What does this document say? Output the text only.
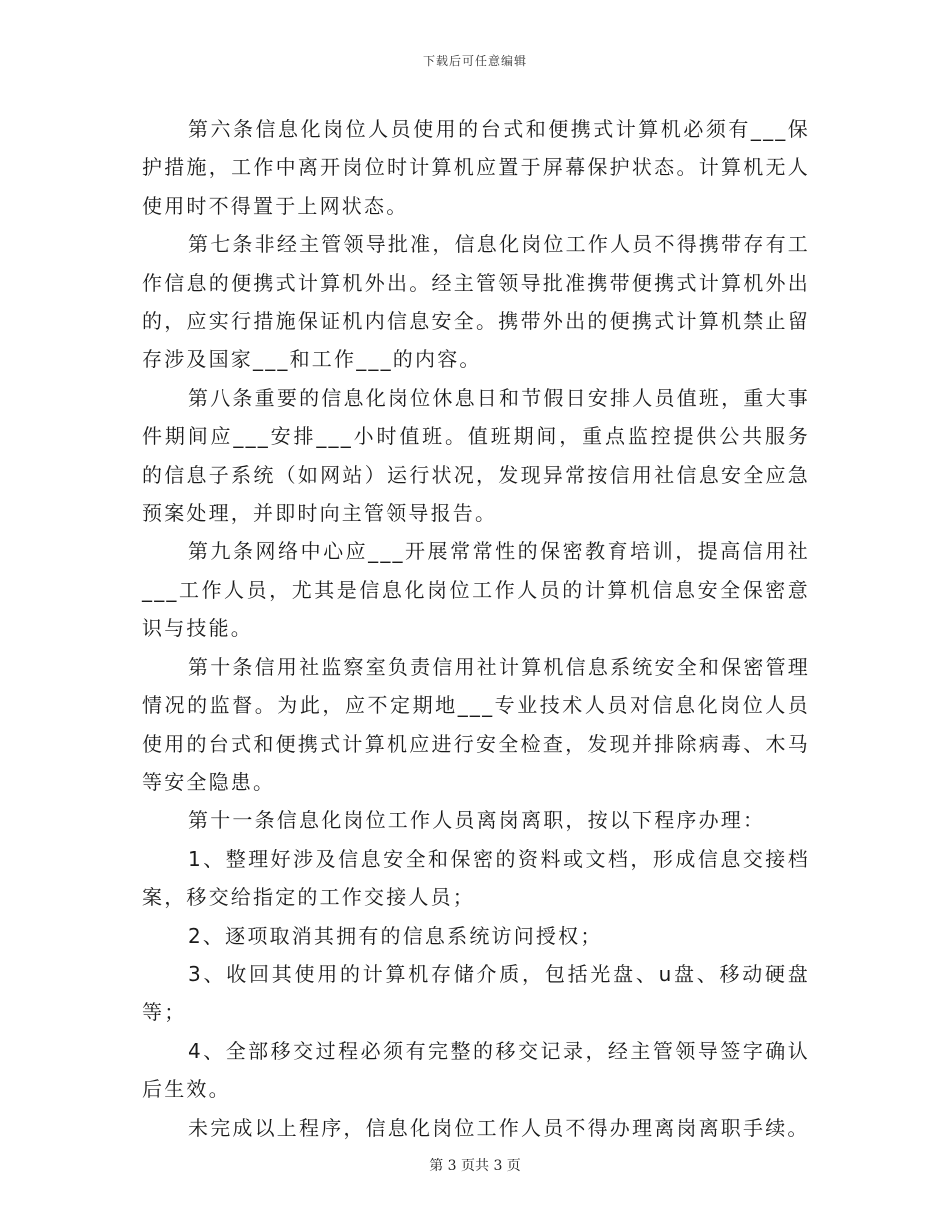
下载后可任意编辑

第六条信息化岗位人员使用的台式和便携式计算机必须有___保护措施，工作中离开岗位时计算机应置于屏幕保护状态。计算机无人使用时不得置于上网状态。

第七条非经主管领导批准，信息化岗位工作人员不得携带存有工作信息的便携式计算机外出。经主管领导批准携带便携式计算机外出的，应实行措施保证机内信息安全。携带外出的便携式计算机禁止留存涉及国家___和工作___的内容。

第八条重要的信息化岗位休息日和节假日安排人员值班，重大事件期间应___安排___小时值班。值班期间，重点监控提供公共服务的信息子系统（如网站）运行状况，发现异常按信用社信息安全应急预案处理，并即时向主管领导报告。

第九条网络中心应___开展常常性的保密教育培训，提高信用社___工作人员，尤其是信息化岗位工作人员的计算机信息安全保密意识与技能。

第十条信用社监察室负责信用社计算机信息系统安全和保密管理情况的监督。为此，应不定期地___专业技术人员对信息化岗位人员使用的台式和便携式计算机应进行安全检查，发现并排除病毒、木马等安全隐患。

第十一条信息化岗位工作人员离岗离职，按以下程序办理：

1、整理好涉及信息安全和保密的资料或文档，形成信息交接档案，移交给指定的工作交接人员；

2、逐项取消其拥有的信息系统访问授权；

3、收回其使用的计算机存储介质，包括光盘、u盘、移动硬盘等；

4、全部移交过程必须有完整的移交记录，经主管领导签字确认后生效。

未完成以上程序，信息化岗位工作人员不得办理离岗离职手续。

第 3 页共 3 页
